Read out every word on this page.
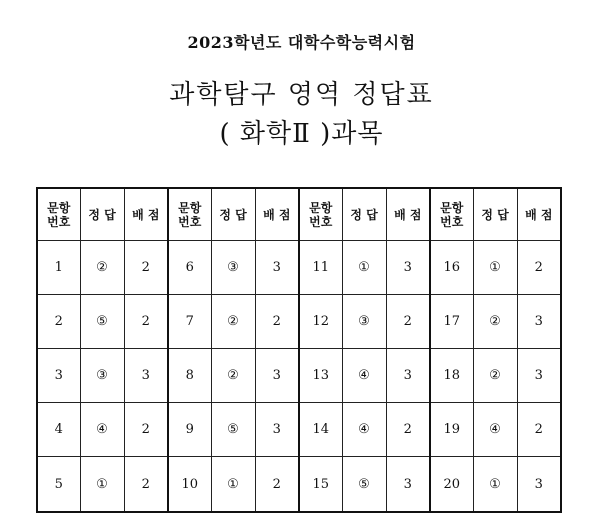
2023학년도 대학수학능력시험
과학탐구 영역 정답표
( 화학Ⅱ )과목
문항
번호	정 답	배 점	문항
번호	정 답	배 점	문항
번호	정 답	배 점	문항
번호	정 답	배 점
1	②	2	6	③	3	11	①	3	16	①	2
2	⑤	2	7	②	2	12	③	2	17	②	3
3	③	3	8	②	3	13	④	3	18	②	3
4	④	2	9	⑤	3	14	④	2	19	④	2
5	①	2	10	①	2	15	⑤	3	20	①	3
